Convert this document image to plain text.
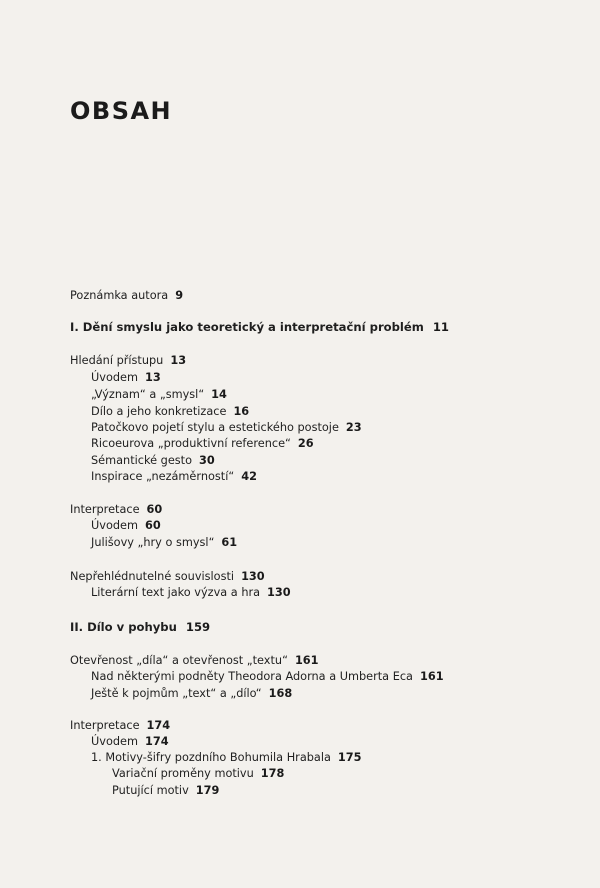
OBSAH
Poznámka autora 9
I. Dění smyslu jako teoretický a interpretační problém 11
Hledání přístupu 13
Úvodem 13
„Význam“ a „smysl“ 14
Dílo a jeho konkretizace 16
Patočkovo pojetí stylu a estetického postoje 23
Ricoeurova „produktivní reference“ 26
Sémantické gesto 30
Inspirace „nezáměrností“ 42
Interpretace 60
Úvodem 60
Julišovy „hry o smysl“ 61
Nepřehlédnutelné souvislosti 130
Literární text jako výzva a hra 130
II. Dílo v pohybu 159
Otevřenost „díla“ a otevřenost „textu“ 161
Nad některými podněty Theodora Adorna a Umberta Eca 161
Ještě k pojmům „text“ a „dílo“ 168
Interpretace 174
Úvodem 174
1. Motivy-šifry pozdního Bohumila Hrabala 175
Variační proměny motivu 178
Putující motiv 179
